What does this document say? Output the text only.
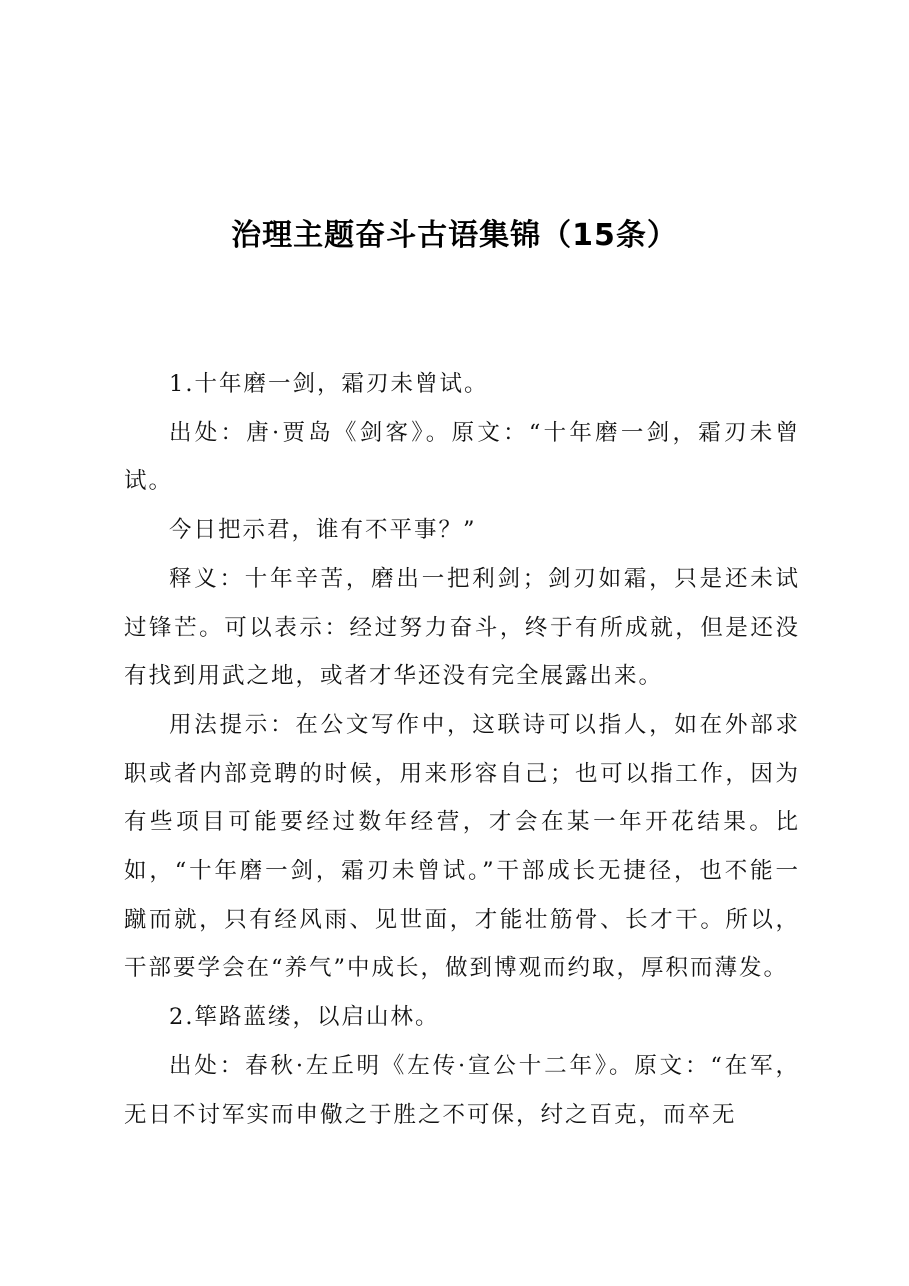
治理主题奋斗古语集锦（15条）

1.十年磨一剑，霜刃未曾试。

出处：唐·贾岛《剑客》。原文：“十年磨一剑，霜刃未曾试。

今日把示君，谁有不平事？”

释义：十年辛苦，磨出一把利剑；剑刃如霜，只是还未试过锋芒。可以表示：经过努力奋斗，终于有所成就，但是还没有找到用武之地，或者才华还没有完全展露出来。

用法提示：在公文写作中，这联诗可以指人，如在外部求职或者内部竞聘的时候，用来形容自己；也可以指工作，因为有些项目可能要经过数年经营，才会在某一年开花结果。比如，“十年磨一剑，霜刃未曾试。”干部成长无捷径，也不能一蹴而就，只有经风雨、见世面，才能壮筋骨、长才干。所以，干部要学会在“养气”中成长，做到博观而约取，厚积而薄发。

2.筚路蓝缕，以启山林。

出处：春秋·左丘明《左传·宣公十二年》。原文：“在军，无日不讨军实而申儆之于胜之不可保，纣之百克，而卒无
